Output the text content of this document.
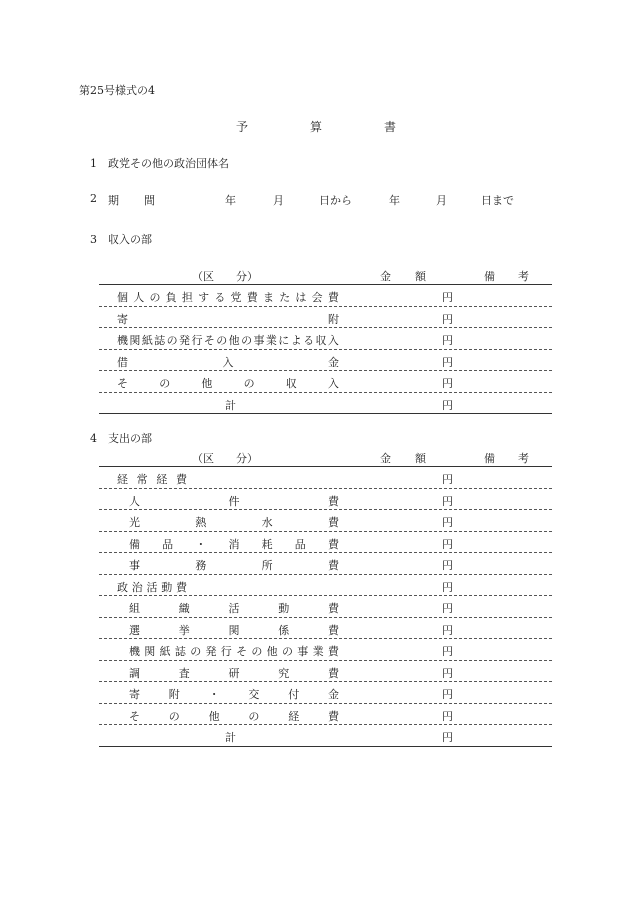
第25号様式の4
予	算	書
1 政党その他の政治団体名
2 期 間	年	月	日から	年	月	日まで
3 収入の部
（区　　分）	金 額	備 考
個 人 の 負 担 す る 党 費 ま た は 会 費	円
寄	附	円
機 関 紙 誌 の 発 行 そ の 他 の 事 業 に よ る 収 入	円
借	入	金	円
そ	の	他	の	収	入	円
計	円
4 支出の部
（区　　分）	金 額	備 考
経 常 経 費	円
人	件	費	円
光	熱	水	費	円
備 品 ・ 消 耗 品 費	円
事	務	所	費	円
政 治 活 動 費	円
組	織	活	動	費	円
選	挙	関	係	費	円
機 関 紙 誌 の 発 行 そ の 他 の 事 業 費	円
調	査	研	究	費	円
寄	附	・	交	付	金	円
そ	の	他	の	経	費	円
計	円
